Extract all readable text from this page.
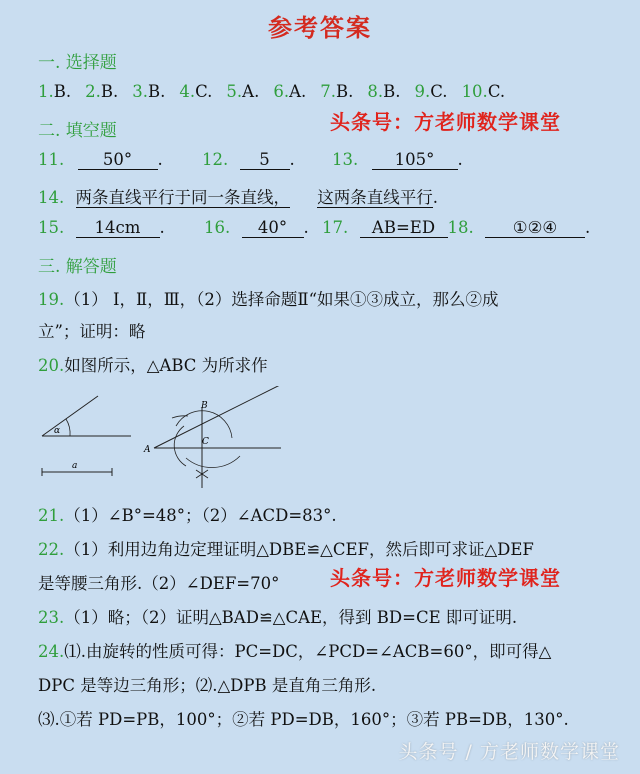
参考答案
一. 选择题
1.B. 2.B. 3.B. 4.C. 5.A. 6.A. 7.B. 8.B. 9.C. 10.C.
二. 填空题	头条号：方老师数学课堂
11. 50° . 12. 5 . 13. 105° .
14. 两条直线平行于同一条直线， 这两条直线平行.
15. 14cm . 16. 40° . 17. AB=ED 18. ①②④ .
三. 解答题
19.（1） Ⅰ，Ⅱ，Ⅲ，（2）选择命题Ⅱ“如果①③成立，那么②成
立”；证明：略
20.如图所示，△ABC 为所求作
α
a
A
B
C
21.（1）∠B°=48°；（2）∠ACD=83°.
22.（1）利用边角边定理证明△DBE≌△CEF，然后即可求证△DEF
是等腰三角形.（2）∠DEF=70°	头条号：方老师数学课堂
23.（1）略；（2）证明△BAD≌△CAE，得到 BD=CE 即可证明.
24.⑴.由旋转的性质可得：PC=DC，∠PCD=∠ACB=60°，即可得△
DPC 是等边三角形；⑵.△DPB 是直角三角形.
⑶.①若 PD=PB，100°；②若 PD=DB，160°；③若 PB=DB，130°.
头条号 / 方老师数学课堂
